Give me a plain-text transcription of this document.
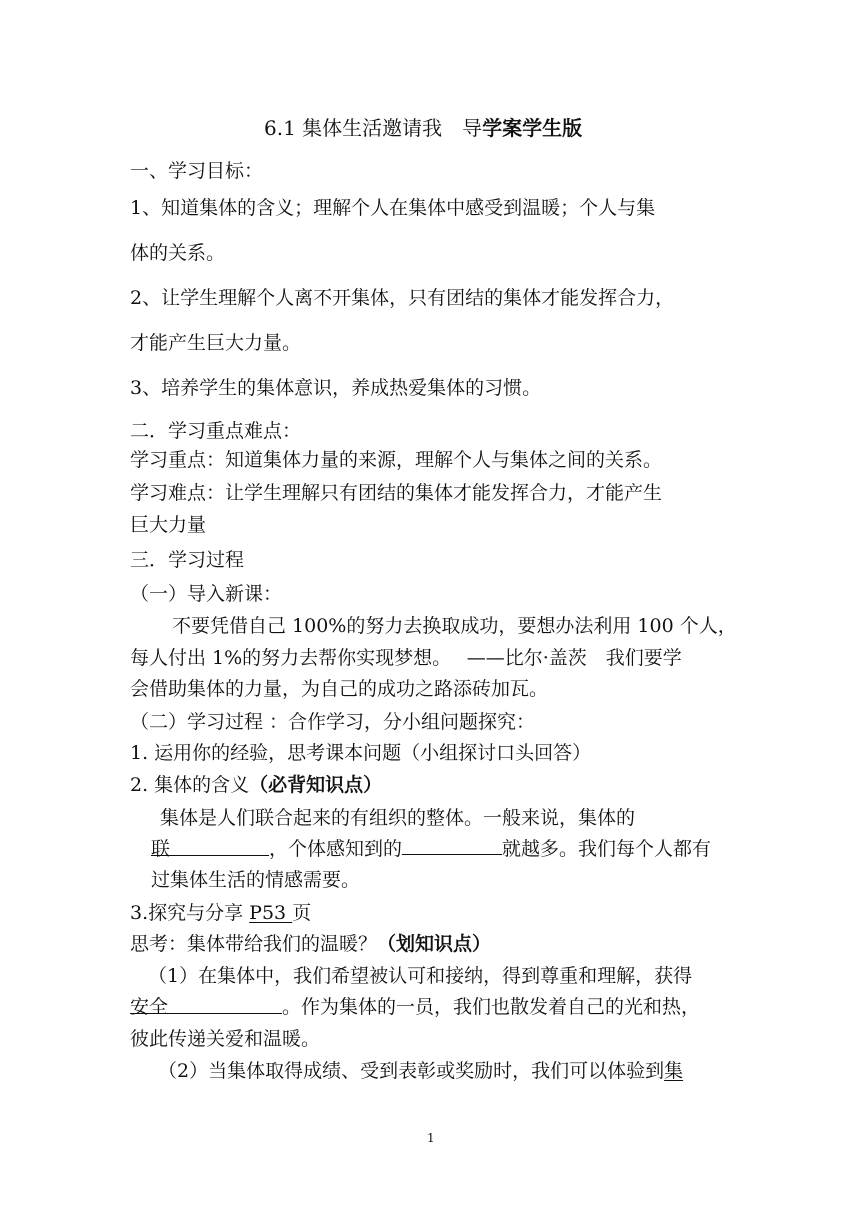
6.1 集体生活邀请我　导学案学生版
一、学习目标：
1、知道集体的含义；理解个人在集体中感受到温暖；个人与集
体的关系。
2、让学生理解个人离不开集体，只有团结的集体才能发挥合力，
才能产生巨大力量。
3、培养学生的集体意识，养成热爱集体的习惯。
二．学习重点难点：
学习重点：知道集体力量的来源，理解个人与集体之间的关系。
学习难点：让学生理解只有团结的集体才能发挥合力，才能产生
巨大力量
三．学习过程
（一）导入新课：
不要凭借自己 100%的努力去换取成功，要想办法利用 100 个人，
每人付出 1%的努力去帮你实现梦想。　 ——比尔·盖茨　我们要学
会借助集体的力量，为自己的成功之路添砖加瓦。
（二）学习过程 ：合作学习，分小组问题探究：
1. 运用你的经验，思考课本问题（小组探讨口头回答）
2. 集体的含义（必背知识点）
集体是人们联合起来的有组织的整体。一般来说，集体的
联	，个体感知到的	就越多。我们每个人都有
过集体生活的情感需要。
3.探究与分享 P53 页
思考：集体带给我们的温暖？（划知识点）
（1）在集体中，我们希望被认可和接纳，得到尊重和理解，获得
安全	。作为集体的一员，我们也散发着自己的光和热，
彼此传递关爱和温暖。
（2）当集体取得成绩、受到表彰或奖励时，我们可以体验到集
1
